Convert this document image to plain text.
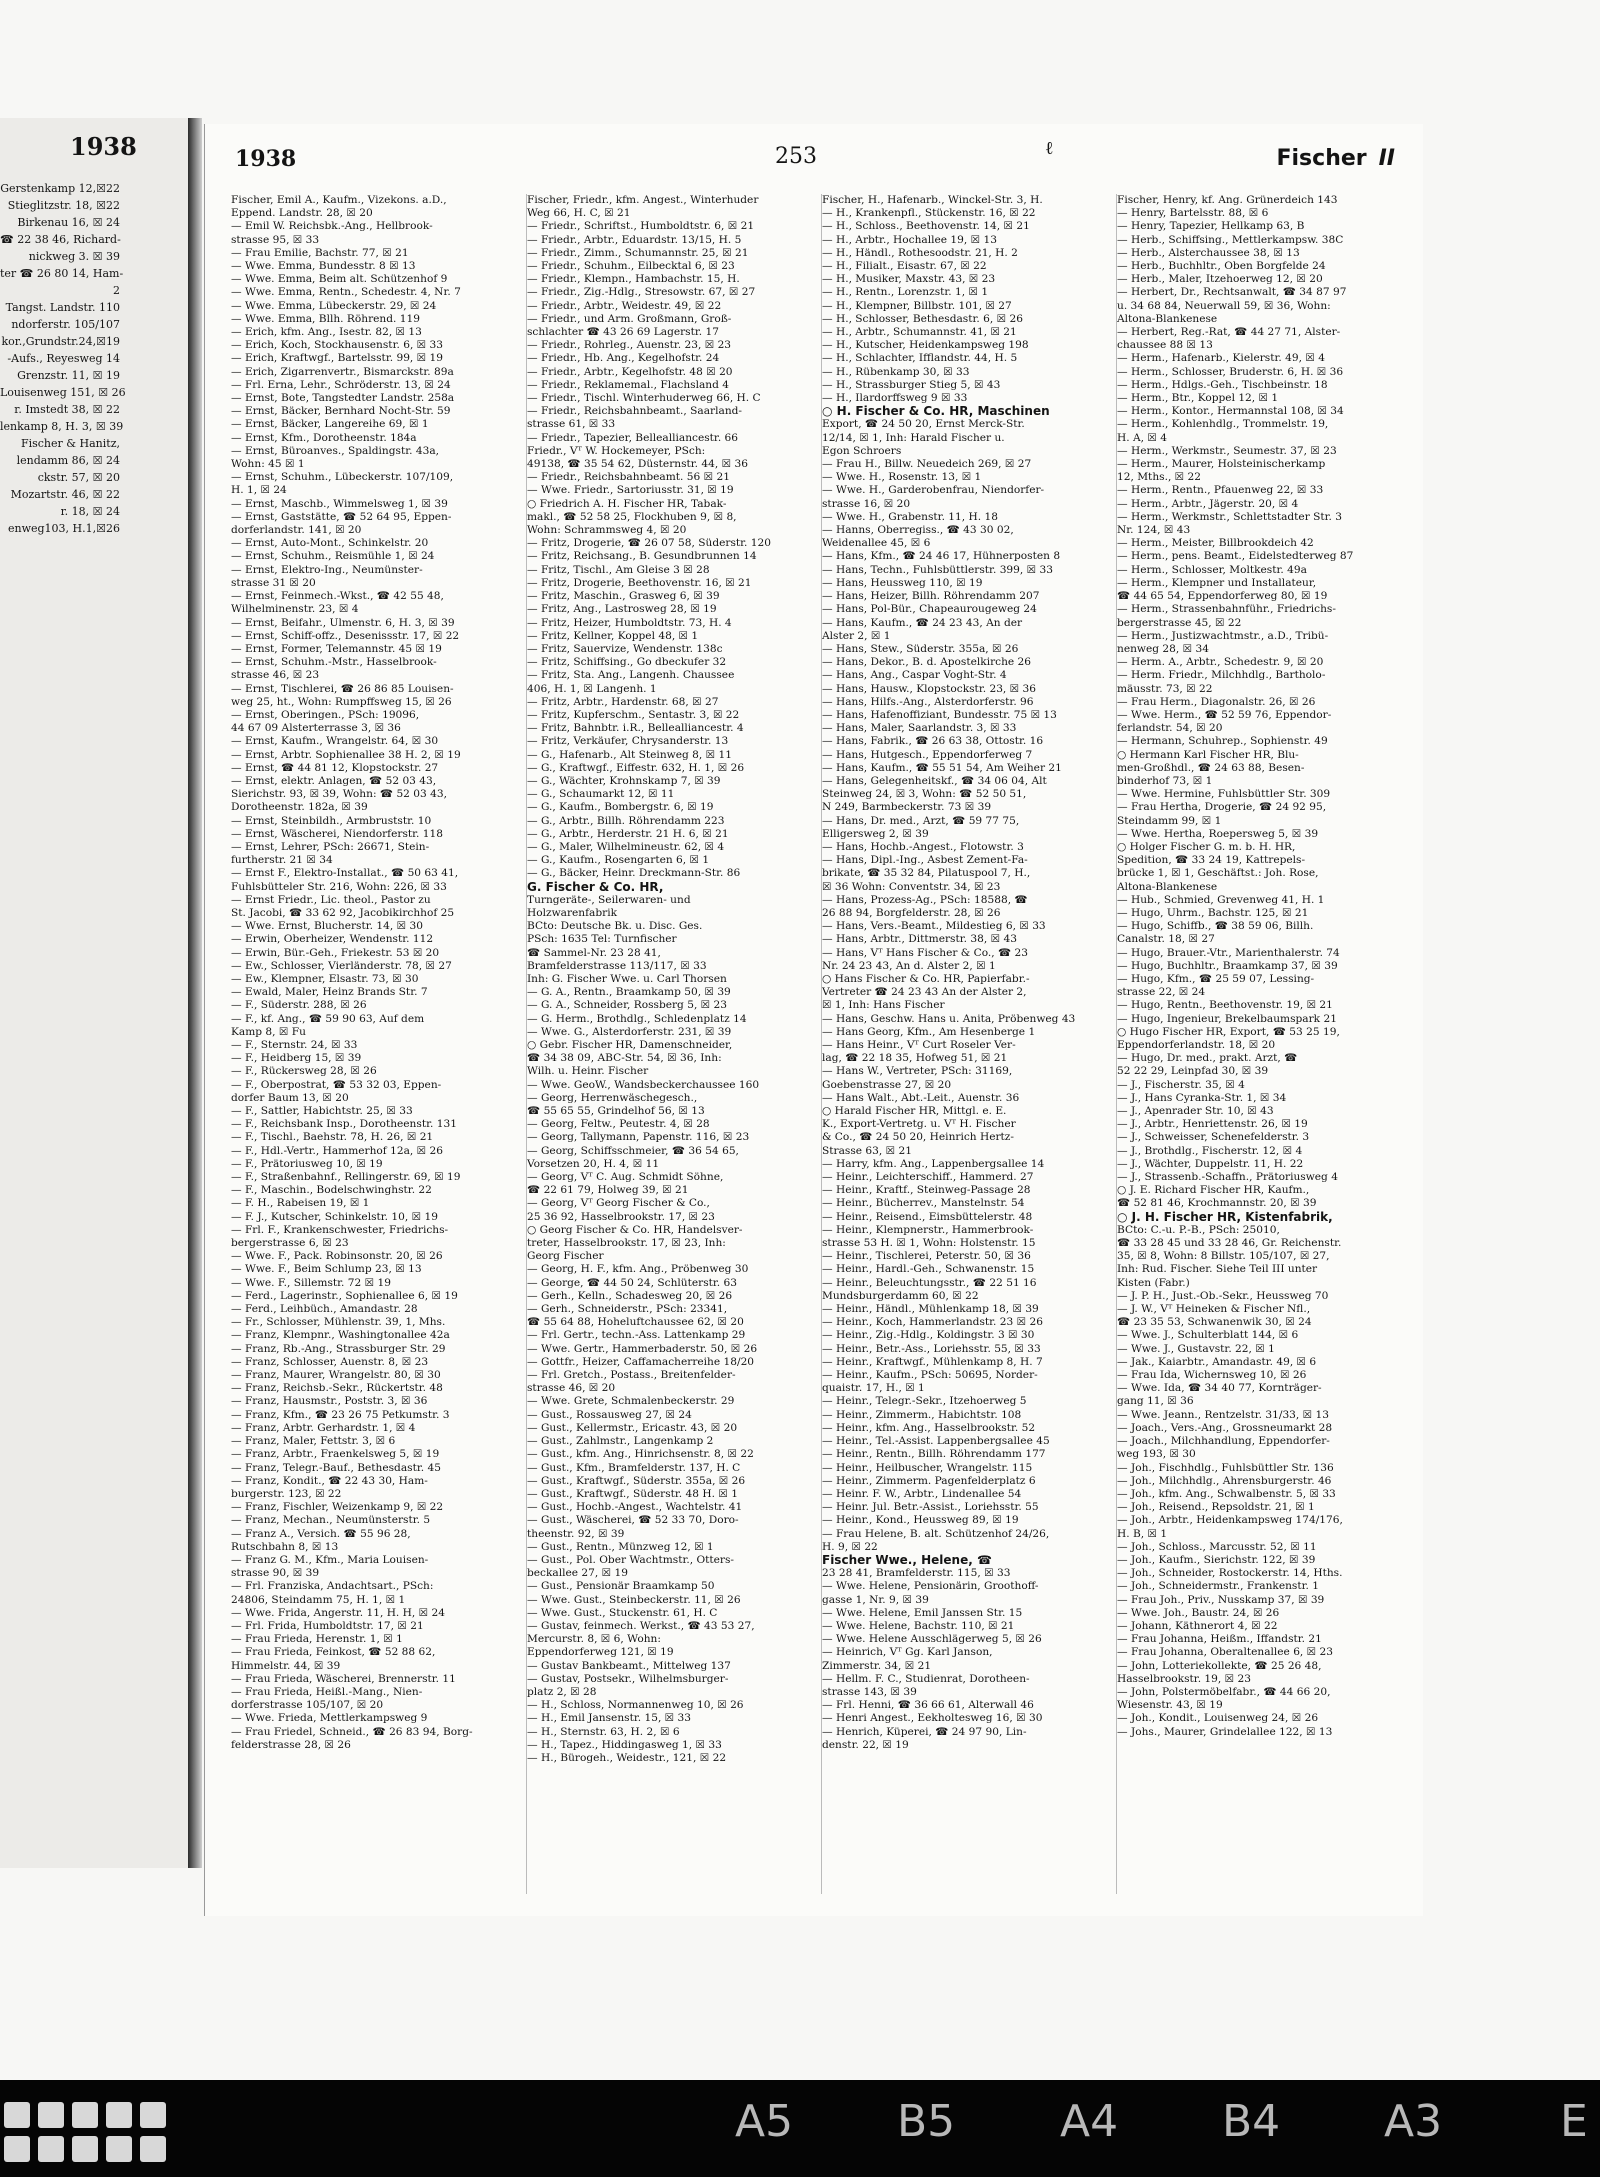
1938
Gerstenkamp 12,☒22
Stieglitzstr. 18, ☒22
Birkenau 16, ☒ 24
☎ 22 38 46, Richard-
nickweg 3. ☒ 39
ter ☎ 26 80 14, Ham-
2
Tangst. Landstr. 110
ndorferstr. 105/107
kor.,Grundstr.24,☒19
-Aufs., Reyesweg 14
Grenzstr. 11, ☒ 19
Louisenweg 151, ☒ 26
r. Imstedt 38, ☒ 22
lenkamp 8, H. 3, ☒ 39
Fischer & Hanitz,
lendamm 86, ☒ 24
ckstr. 57, ☒ 20
Mozartstr. 46, ☒ 22
r. 18, ☒ 24
enweg103, H.1,☒26
1938	253	ℓ	Fischer II

Fischer, Emil A., Kaufm., Vizekons. a.D.,

Eppend. Landstr. 28, ☒ 20

— Emil W. Reichsbk.-Ang., Hellbrook-

strasse 95, ☒ 33

— Frau Emilie, Bachstr. 77, ☒ 21

— Wwe. Emma, Bundesstr. 8 ☒ 13

— Wwe. Emma, Beim alt. Schützenhof 9

— Wwe. Emma, Rentn., Schedestr. 4, Nr. 7

— Wwe. Emma, Lübeckerstr. 29, ☒ 24

— Wwe. Emma, Bllh. Röhrend. 119

— Erich, kfm. Ang., Isestr. 82, ☒ 13

— Erich, Koch, Stockhausenstr. 6, ☒ 33

— Erich, Kraftwgf., Bartelsstr. 99, ☒ 19

— Erich, Zigarrenvertr., Bismarckstr. 89a

— Frl. Erna, Lehr., Schröderstr. 13, ☒ 24

— Ernst, Bote, Tangstedter Landstr. 258a

— Ernst, Bäcker, Bernhard Nocht-Str. 59

— Ernst, Bäcker, Langereihe 69, ☒ 1

— Ernst, Kfm., Dorotheenstr. 184a

— Ernst, Büroanves., Spaldingstr. 43a,

Wohn: 45 ☒ 1

— Ernst, Schuhm., Lübeckerstr. 107/109,

H. 1, ☒ 24

— Ernst, Maschb., Wimmelsweg 1, ☒ 39

— Ernst, Gaststätte, ☎ 52 64 95, Eppen-

dorferlandstr. 141, ☒ 20

— Ernst, Auto-Mont., Schinkelstr. 20

— Ernst, Schuhm., Reismühle 1, ☒ 24

— Ernst, Elektro-Ing., Neumünster-

strasse 31 ☒ 20

— Ernst, Feinmech.-Wkst., ☎ 42 55 48,

Wilhelminenstr. 23, ☒ 4

— Ernst, Beifahr., Ulmenstr. 6, H. 3, ☒ 39

— Ernst, Schiff-offz., Desenissstr. 17, ☒ 22

— Ernst, Former, Telemannstr. 45 ☒ 19

— Ernst, Schuhm.-Mstr., Hasselbrook-

strasse 46, ☒ 23

— Ernst, Tischlerei, ☎ 26 86 85 Louisen-

weg 25, ht., Wohn: Rumpffsweg 15, ☒ 26

— Ernst, Oberingen., PSch: 19096,

44 67 09 Alsterterrasse 3, ☒ 36

— Ernst, Kaufm., Wrangelstr. 64, ☒ 30

— Ernst, Arbtr. Sophienallee 38 H. 2, ☒ 19

— Ernst, ☎ 44 81 12, Klopstockstr. 27

— Ernst, elektr. Anlagen, ☎ 52 03 43,

Sierichstr. 93, ☒ 39, Wohn: ☎ 52 03 43,

Dorotheenstr. 182a, ☒ 39

— Ernst, Steinbildh., Armbruststr. 10

— Ernst, Wäscherei, Niendorferstr. 118

— Ernst, Lehrer, PSch: 26671, Stein-

furtherstr. 21 ☒ 34

— Ernst F., Elektro-Installat., ☎ 50 63 41,

Fuhlsbütteler Str. 216, Wohn: 226, ☒ 33

— Ernst Friedr., Lic. theol., Pastor zu

St. Jacobi, ☎ 33 62 92, Jacobikirchhof 25

— Wwe. Ernst, Blucherstr. 14, ☒ 30

— Erwin, Oberheizer, Wendenstr. 112

— Erwin, Bür.-Geh., Friekestr. 53 ☒ 20

— Ew., Schlosser, Vierländerstr. 78, ☒ 27

— Ew., Klempner, Elsastr. 73, ☒ 30

— Ewald, Maler, Heinz Brands Str. 7

— F., Süderstr. 288, ☒ 26

— F., kf. Ang., ☎ 59 90 63, Auf dem

Kamp 8, ☒ Fu

— F., Sternstr. 24, ☒ 33

— F., Heidberg 15, ☒ 39

— F., Rückersweg 28, ☒ 26

— F., Oberpostrat, ☎ 53 32 03, Eppen-

dorfer Baum 13, ☒ 20

— F., Sattler, Habichtstr. 25, ☒ 33

— F., Reichsbank Insp., Dorotheenstr. 131

— F., Tischl., Baehstr. 78, H. 26, ☒ 21

— F., Hdl.-Vertr., Hammerhof 12a, ☒ 26

— F., Prätoriusweg 10, ☒ 19

— F., Straßenbahnf., Rellingerstr. 69, ☒ 19

— F., Maschin., Bodelschwinghstr. 22

— F. H., Rabeisen 19, ☒ 1

— F. J., Kutscher, Schinkelstr. 10, ☒ 19

— Frl. F., Krankenschwester, Friedrichs-

bergerstrasse 6, ☒ 23

— Wwe. F., Pack. Robinsonstr. 20, ☒ 26

— Wwe. F., Beim Schlump 23, ☒ 13

— Wwe. F., Sillemstr. 72 ☒ 19

— Ferd., Lagerinstr., Sophienallee 6, ☒ 19

— Ferd., Leihbüch., Amandastr. 28

— Fr., Schlosser, Mühlenstr. 39, 1, Mhs.

— Franz, Klempnr., Washingtonallee 42a

— Franz, Rb.-Ang., Strassburger Str. 29

— Franz, Schlosser, Auenstr. 8, ☒ 23

— Franz, Maurer, Wrangelstr. 80, ☒ 30

— Franz, Reichsb.-Sekr., Rückertstr. 48

— Franz, Hausmstr., Poststr. 3, ☒ 36

— Franz, Kfm., ☎ 23 26 75 Petkumstr. 3

— Franz, Arbtr. Gerhardstr. 1, ☒ 4

— Franz, Maler, Fettstr. 3, ☒ 6

— Franz, Arbtr., Fraenkelsweg 5, ☒ 19

— Franz, Telegr.-Bauf., Bethesdastr. 45

— Franz, Kondit., ☎ 22 43 30, Ham-

burgerstr. 123, ☒ 22

— Franz, Fischler, Weizenkamp 9, ☒ 22

— Franz, Mechan., Neumünsterstr. 5

— Franz A., Versich. ☎ 55 96 28,

Rutschbahn 8, ☒ 13

— Franz G. M., Kfm., Maria Louisen-

strasse 90, ☒ 39

— Frl. Franziska, Andachtsart., PSch:

24806, Steindamm 75, H. 1, ☒ 1

— Wwe. Frida, Angerstr. 11, H. H, ☒ 24

— Frl. Frida, Humboldtstr. 17, ☒ 21

— Frau Frieda, Herenstr. 1, ☒ 1

— Frau Frieda, Feinkost, ☎ 52 88 62,

Himmelstr. 44, ☒ 39

— Frau Frieda, Wäscherei, Brennerstr. 11

— Frau Frieda, Heißl.-Mang., Nien-

dorferstrasse 105/107, ☒ 20

— Wwe. Frieda, Mettlerkampsweg 9

— Frau Friedel, Schneid., ☎ 26 83 94, Borg-

felderstrasse 28, ☒ 26

Fischer, Friedr., kfm. Angest., Winterhuder

Weg 66, H. C, ☒ 21

— Friedr., Schriftst., Humboldtstr. 6, ☒ 21

— Friedr., Arbtr., Eduardstr. 13/15, H. 5

— Friedr., Zimm., Schumannstr. 25, ☒ 21

— Friedr., Schuhm., Eilbecktal 6, ☒ 23

— Friedr., Klempn., Hambachstr. 15, H.

— Friedr., Zig.-Hdlg., Stresowstr. 67, ☒ 27

— Friedr., Arbtr., Weidestr. 49, ☒ 22

— Friedr., und Arm. Großmann, Groß-

schlachter ☎ 43 26 69 Lagerstr. 17

— Friedr., Rohrleg., Auenstr. 23, ☒ 23

— Friedr., Hb. Ang., Kegelhofstr. 24

— Friedr., Arbtr., Kegelhofstr. 48 ☒ 20

— Friedr., Reklamemal., Flachsland 4

— Friedr., Tischl. Winterhuderweg 66, H. C

— Friedr., Reichsbahnbeamt., Saarland-

strasse 61, ☒ 33

— Friedr., Tapezier, Bellealliancestr. 66

Friedr., Vᵀ W. Hockemeyer, PSch:

49138, ☎ 35 54 62, Düsternstr. 44, ☒ 36

— Friedr., Reichsbahnbeamt. 56 ☒ 21

— Wwe. Friedr., Sartoriusstr. 31, ☒ 19

○ Friedrich A. H. Fischer HR, Tabak-

makl., ☎ 52 58 25, Flockhuben 9, ☒ 8,

Wohn: Schrammsweg 4, ☒ 20

— Fritz, Drogerie, ☎ 26 07 58, Süderstr. 120

— Fritz, Reichsang., B. Gesundbrunnen 14

— Fritz, Tischl., Am Gleise 3 ☒ 28

— Fritz, Drogerie, Beethovenstr. 16, ☒ 21

— Fritz, Maschin., Grasweg 6, ☒ 39

— Fritz, Ang., Lastrosweg 28, ☒ 19

— Fritz, Heizer, Humboldtstr. 73, H. 4

— Fritz, Kellner, Koppel 48, ☒ 1

— Fritz, Sauervize, Wendenstr. 138c

— Fritz, Schiffsing., Go dbeckufer 32

— Fritz, Sta. Ang., Langenh. Chaussee

406, H. 1, ☒ Langenh. 1

— Fritz, Arbtr., Hardenstr. 68, ☒ 27

— Fritz, Kupferschm., Sentastr. 3, ☒ 22

— Fritz, Bahnbtr. i.R., Bellealliancestr. 4

— Fritz, Verkäufer, Chrysanderstr. 13

— G., Hafenarb., Alt Steinweg 8, ☒ 11

— G., Kraftwgf., Eiffestr. 632, H. 1, ☒ 26

— G., Wächter, Krohnskamp 7, ☒ 39

— G., Schaumarkt 12, ☒ 11

— G., Kaufm., Bombergstr. 6, ☒ 19

— G., Arbtr., Billh. Röhrendamm 223

— G., Arbtr., Herderstr. 21 H. 6, ☒ 21

— G., Maler, Wilhelmineustr. 62, ☒ 4

— G., Kaufm., Rosengarten 6, ☒ 1

— G., Bäcker, Heinr. Dreckmann-Str. 86

G. Fischer & Co. HR,

Turngeräte-, Seilerwaren- und

Holzwarenfabrik

BCto: Deutsche Bk. u. Disc. Ges.

PSch: 1635 Tel: Turnfischer

☎ Sammel-Nr. 23 28 41,

Bramfelderstrasse 113/117, ☒ 33

Inh: G. Fischer Wwe. u. Carl Thorsen

— G. A., Rentn., Braamkamp 50, ☒ 39

— G. A., Schneider, Rossberg 5, ☒ 23

— G. Herm., Brothdlg., Schledenplatz 14

— Wwe. G., Alsterdorferstr. 231, ☒ 39

○ Gebr. Fischer HR, Damenschneider,

☎ 34 38 09, ABC-Str. 54, ☒ 36, Inh:

Wilh. u. Heinr. Fischer

— Wwe. GeoW., Wandsbeckerchaussee 160

— Georg, Herrenwäschegesch.,

☎ 55 65 55, Grindelhof 56, ☒ 13

— Georg, Feltw., Peutestr. 4, ☒ 28

— Georg, Tallymann, Papenstr. 116, ☒ 23

— Georg, Schiffsschmeier, ☎ 36 54 65,

Vorsetzen 20, H. 4, ☒ 11

— Georg, Vᵀ C. Aug. Schmidt Söhne,

☎ 22 61 79, Holweg 39, ☒ 21

— Georg, Vᵀ Georg Fischer & Co.,

25 36 92, Hasselbrookstr. 17, ☒ 23

○ Georg Fischer & Co. HR, Handelsver-

treter, Hasselbrookstr. 17, ☒ 23, Inh:

Georg Fischer

— Georg, H. F., kfm. Ang., Pröbenweg 30

— George, ☎ 44 50 24, Schlüterstr. 63

— Gerh., Kelln., Schadesweg 20, ☒ 26

— Gerh., Schneiderstr., PSch: 23341,

☎ 55 64 88, Hoheluftchaussee 62, ☒ 20

— Frl. Gertr., techn.-Ass. Lattenkamp 29

— Wwe. Gertr., Hammerbaderstr. 50, ☒ 26

— Gottfr., Heizer, Caffamacherreihe 18/20

— Frl. Gretch., Postass., Breitenfelder-

strasse 46, ☒ 20

— Wwe. Grete, Schmalenbeckerstr. 29

— Gust., Rossausweg 27, ☒ 24

— Gust., Kellermstr., Ericastr. 43, ☒ 20

— Gust., Zahlmstr., Langenkamp 2

— Gust., kfm. Ang., Hinrichsenstr. 8, ☒ 22

— Gust., Kfm., Bramfelderstr. 137, H. C

— Gust., Kraftwgf., Süderstr. 355a, ☒ 26

— Gust., Kraftwgf., Süderstr. 48 H. ☒ 1

— Gust., Hochb.-Angest., Wachtelstr. 41

— Gust., Wäscherei, ☎ 52 33 70, Doro-

theenstr. 92, ☒ 39

— Gust., Rentn., Münzweg 12, ☒ 1

— Gust., Pol. Ober Wachtmstr., Otters-

beckallee 27, ☒ 19

— Gust., Pensionär Braamkamp 50

— Wwe. Gust., Steinbeckerstr. 11, ☒ 26

— Wwe. Gust., Stuckenstr. 61, H. C

— Gustav, feinmech. Werkst., ☎ 43 53 27,

Mercurstr. 8, ☒ 6, Wohn:

Eppendorferweg 121, ☒ 19

— Gustav Bankbeamt., Mittelweg 137

— Gustav, Postsekr., Wilhelmsburger-

platz 2, ☒ 28

— H., Schloss, Normannenweg 10, ☒ 26

— H., Emil Jansenstr. 15, ☒ 33

— H., Sternstr. 63, H. 2, ☒ 6

— H., Tapez., Hiddingasweg 1, ☒ 33

— H., Bürogeh., Weidestr., 121, ☒ 22

Fischer, H., Hafenarb., Winckel-Str. 3, H.

— H., Krankenpfl., Stückenstr. 16, ☒ 22

— H., Schloss., Beethovenstr. 14, ☒ 21

— H., Arbtr., Hochallee 19, ☒ 13

— H., Händl., Rothesoodstr. 21, H. 2

— H., Filialt., Eisastr. 67, ☒ 22

— H., Musiker, Maxstr. 43, ☒ 23

— H., Rentn., Lorenzstr. 1, ☒ 1

— H., Klempner, Billbstr. 101, ☒ 27

— H., Schlosser, Bethesdastr. 6, ☒ 26

— H., Arbtr., Schumannstr. 41, ☒ 21

— H., Kutscher, Heidenkampsweg 198

— H., Schlachter, Ifflandstr. 44, H. 5

— H., Rübenkamp 30, ☒ 33

— H., Strassburger Stieg 5, ☒ 43

— H., Ilardorffsweg 9 ☒ 33

○ H. Fischer & Co. HR, Maschinen

Export, ☎ 24 50 20, Ernst Merck-Str.

12/14, ☒ 1, Inh: Harald Fischer u.

Egon Schroers

— Frau H., Billw. Neuedeich 269, ☒ 27

— Wwe. H., Rosenstr. 13, ☒ 1

— Wwe. H., Garderobenfrau, Niendorfer-

strasse 16, ☒ 20

— Wwe. H., Grabenstr. 11, H. 18

— Hanns, Oberregiss., ☎ 43 30 02,

Weidenallee 45, ☒ 6

— Hans, Kfm., ☎ 24 46 17, Hühnerposten 8

— Hans, Techn., Fuhlsbüttlerstr. 399, ☒ 33

— Hans, Heussweg 110, ☒ 19

— Hans, Heizer, Billh. Röhrendamm 207

— Hans, Pol-Bür., Chapeaurougeweg 24

— Hans, Kaufm., ☎ 24 23 43, An der

Alster 2, ☒ 1

— Hans, Stew., Süderstr. 355a, ☒ 26

— Hans, Dekor., B. d. Apostelkirche 26

— Hans, Ang., Caspar Voght-Str. 4

— Hans, Hausw., Klopstockstr. 23, ☒ 36

— Hans, Hilfs.-Ang., Alsterdorferstr. 96

— Hans, Hafenoffiziant, Bundesstr. 75 ☒ 13

— Hans, Maler, Saarlandstr. 3, ☒ 33

— Hans, Fabrik., ☎ 26 63 38, Ottostr. 16

— Hans, Hutgesch., Eppendorferweg 7

— Hans, Kaufm., ☎ 55 51 54, Am Weiher 21

— Hans, Gelegenheitskf., ☎ 34 06 04, Alt

Steinweg 24, ☒ 3, Wohn: ☎ 52 50 51,

N 249, Barmbeckerstr. 73 ☒ 39

— Hans, Dr. med., Arzt, ☎ 59 77 75,

Elligersweg 2, ☒ 39

— Hans, Hochb.-Angest., Flotowstr. 3

— Hans, Dipl.-Ing., Asbest Zement-Fa-

brikate, ☎ 35 32 84, Pilatuspool 7, H.,

☒ 36 Wohn: Conventstr. 34, ☒ 23

— Hans, Prozess-Ag., PSch: 18588, ☎

26 88 94, Borgfelderstr. 28, ☒ 26

— Hans, Vers.-Beamt., Mildestieg 6, ☒ 33

— Hans, Arbtr., Dittmerstr. 38, ☒ 43

— Hans, Vᵀ Hans Fischer & Co., ☎ 23

Nr. 24 23 43, An d. Alster 2, ☒ 1

○ Hans Fischer & Co. HR, Papierfabr.-

Vertreter ☎ 24 23 43 An der Alster 2,

☒ 1, Inh: Hans Fischer

— Hans, Geschw. Hans u. Anita, Pröbenweg 43

— Hans Georg, Kfm., Am Hesenberge 1

— Hans Heinr., Vᵀ Curt Roseler Ver-

lag, ☎ 22 18 35, Hofweg 51, ☒ 21

— Hans W., Vertreter, PSch: 31169,

Goebenstrasse 27, ☒ 20

— Hans Walt., Abt.-Leit., Auenstr. 36

○ Harald Fischer HR, Mittgl. e. E.

K., Export-Vertretg. u. Vᵀ H. Fischer

& Co., ☎ 24 50 20, Heinrich Hertz-

Strasse 63, ☒ 21

— Harry, kfm. Ang., Lappenbergsallee 14

— Heinr., Leichterschiff., Hammerd. 27

— Heinr., Kraftf., Steinweg-Passage 28

— Heinr., Bücherrev., Manstelnstr. 54

— Heinr., Reisend., Eimsbüttelerstr. 48

— Heinr., Klempnerstr., Hammerbrook-

strasse 53 H. ☒ 1, Wohn: Holstenstr. 15

— Heinr., Tischlerei, Peterstr. 50, ☒ 36

— Heinr., Hardl.-Geh., Schwanenstr. 15

— Heinr., Beleuchtungsstr., ☎ 22 51 16

Mundsburgerdamm 60, ☒ 22

— Heinr., Händl., Mühlenkamp 18, ☒ 39

— Heinr., Koch, Hammerlandstr. 23 ☒ 26

— Heinr., Zig.-Hdlg., Koldingstr. 3 ☒ 30

— Heinr., Betr.-Ass., Loriehsstr. 55, ☒ 33

— Heinr., Kraftwgf., Mühlenkamp 8, H. 7

— Heinr., Kaufm., PSch: 50695, Norder-

quaistr. 17, H., ☒ 1

— Heinr., Telegr.-Sekr., Itzehoerweg 5

— Heinr., Zimmerm., Habichtstr. 108

— Heinr., kfm. Ang., Hasselbrookstr. 52

— Heinr., Tel.-Assist. Lappenbergsallee 45

— Heinr., Rentn., Billh. Röhrendamm 177

— Heinr., Heilbuscher, Wrangelstr. 115

— Heinr., Zimmerm. Pagenfelderplatz 6

— Heinr. F. W., Arbtr., Lindenallee 54

— Heinr. Jul. Betr.-Assist., Loriehsstr. 55

— Heinr., Kond., Heussweg 89, ☒ 19

— Frau Helene, B. alt. Schützenhof 24/26,

H. 9, ☒ 22

Fischer Wwe., Helene, ☎

23 28 41, Bramfelderstr. 115, ☒ 33

— Wwe. Helene, Pensionärin, Groothoff-

gasse 1, Nr. 9, ☒ 39

— Wwe. Helene, Emil Janssen Str. 15

— Wwe. Helene, Bachstr. 110, ☒ 21

— Wwe. Helene Ausschlägerweg 5, ☒ 26

— Heinrich, Vᵀ Gg. Karl Janson,

Zimmerstr. 34, ☒ 21

— Hellm. F. C., Studienrat, Dorotheen-

strasse 143, ☒ 39

— Frl. Henni, ☎ 36 66 61, Alterwall 46

— Henri Angest., Eekholtesweg 16, ☒ 30

— Henrich, Küperei, ☎ 24 97 90, Lin-

denstr. 22, ☒ 19

Fischer, Henry, kf. Ang. Grünerdeich 143

— Henry, Bartelsstr. 88, ☒ 6

— Henry, Tapezier, Hellkamp 63, B

— Herb., Schiffsing., Mettlerkampsw. 38C

— Herb., Alsterchaussee 38, ☒ 13

— Herb., Buchhltr., Oben Borgfelde 24

— Herb., Maler, Itzehoerweg 12, ☒ 20

— Herbert, Dr., Rechtsanwalt, ☎ 34 87 97

u. 34 68 84, Neuerwall 59, ☒ 36, Wohn:

Altona-Blankenese

— Herbert, Reg.-Rat, ☎ 44 27 71, Alster-

chaussee 88 ☒ 13

— Herm., Hafenarb., Kielerstr. 49, ☒ 4

— Herm., Schlosser, Bruderstr. 6, H. ☒ 36

— Herm., Hdlgs.-Geh., Tischbeinstr. 18

— Herm., Btr., Koppel 12, ☒ 1

— Herm., Kontor., Hermannstal 108, ☒ 34

— Herm., Kohlenhdlg., Trommelstr. 19,

H. A, ☒ 4

— Herm., Werkmstr., Seumestr. 37, ☒ 23

— Herm., Maurer, Holsteinischerkamp

12, Mths., ☒ 22

— Herm., Rentn., Pfauenweg 22, ☒ 33

— Herm., Arbtr., Jägerstr. 20, ☒ 4

— Herm., Werkmstr., Schlettstadter Str. 3

Nr. 124, ☒ 43

— Herm., Meister, Billbrookdeich 42

— Herm., pens. Beamt., Eidelstedterweg 87

— Herm., Schlosser, Moltkestr. 49a

— Herm., Klempner und Installateur,

☎ 44 65 54, Eppendorferweg 80, ☒ 19

— Herm., Strassenbahnführ., Friedrichs-

bergerstrasse 45, ☒ 22

— Herm., Justizwachtmstr., a.D., Tribü-

nenweg 28, ☒ 34

— Herm. A., Arbtr., Schedestr. 9, ☒ 20

— Herm. Friedr., Milchhdlg., Bartholo-

mäusstr. 73, ☒ 22

— Frau Herm., Diagonalstr. 26, ☒ 26

— Wwe. Herm., ☎ 52 59 76, Eppendor-

ferlandstr. 54, ☒ 20

— Hermann, Schuhrep., Sophienstr. 49

○ Hermann Karl Fischer HR, Blu-

men-Großhdl., ☎ 24 63 88, Besen-

binderhof 73, ☒ 1

— Wwe. Hermine, Fuhlsbüttler Str. 309

— Frau Hertha, Drogerie, ☎ 24 92 95,

Steindamm 99, ☒ 1

— Wwe. Hertha, Roepersweg 5, ☒ 39

○ Holger Fischer G. m. b. H. HR,

Spedition, ☎ 33 24 19, Kattrepels-

brücke 1, ☒ 1, Geschäftst.: Joh. Rose,

Altona-Blankenese

— Hub., Schmied, Grevenweg 41, H. 1

— Hugo, Uhrm., Bachstr. 125, ☒ 21

— Hugo, Schiffb., ☎ 38 59 06, Billh.

Canalstr. 18, ☒ 27

— Hugo, Brauer.-Vtr., Marienthalerstr. 74

— Hugo, Buchhltr., Braamkamp 37, ☒ 39

— Hugo, Kfm., ☎ 25 59 07, Lessing-

strasse 22, ☒ 24

— Hugo, Rentn., Beethovenstr. 19, ☒ 21

— Hugo, Ingenieur, Brekelbaumspark 21

○ Hugo Fischer HR, Export, ☎ 53 25 19,

Eppendorferlandstr. 18, ☒ 20

— Hugo, Dr. med., prakt. Arzt, ☎

52 22 29, Leinpfad 30, ☒ 39

— J., Fischerstr. 35, ☒ 4

— J., Hans Cyranka-Str. 1, ☒ 34

— J., Apenrader Str. 10, ☒ 43

— J., Arbtr., Henriettenstr. 26, ☒ 19

— J., Schweisser, Schenefelderstr. 3

— J., Brothdlg., Fischerstr. 12, ☒ 4

— J., Wächter, Duppelstr. 11, H. 22

— J., Strassenb.-Schaffn., Prätoriusweg 4

○ J. E. Richard Fischer HR, Kaufm.,

☎ 52 81 46, Krochmannstr. 20, ☒ 39

○ J. H. Fischer HR, Kistenfabrik,

BCto: C.-u. P.-B., PSch: 25010,

☎ 33 28 45 und 33 28 46, Gr. Reichenstr.

35, ☒ 8, Wohn: 8 Billstr. 105/107, ☒ 27,

Inh: Rud. Fischer. Siehe Teil III unter

Kisten (Fabr.)

— J. P. H., Just.-Ob.-Sekr., Heussweg 70

— J. W., Vᵀ Heineken & Fischer Nfl.,

☎ 23 35 53, Schwanenwik 30, ☒ 24

— Wwe. J., Schulterblatt 144, ☒ 6

— Wwe. J., Gustavstr. 22, ☒ 1

— Jak., Kaiarbtr., Amandastr. 49, ☒ 6

— Frau Ida, Wichernsweg 10, ☒ 26

— Wwe. Ida, ☎ 34 40 77, Kornträger-

gang 11, ☒ 36

— Wwe. Jeann., Rentzelstr. 31/33, ☒ 13

— Joach., Vers.-Ang., Grossneumarkt 28

— Joach., Milchhandlung, Eppendorfer-

weg 193, ☒ 30

— Joh., Fischhdlg., Fuhlsbüttler Str. 136

— Joh., Milchhdlg., Ahrensburgerstr. 46

— Joh., kfm. Ang., Schwalbenstr. 5, ☒ 33

— Joh., Reisend., Repsoldstr. 21, ☒ 1

— Joh., Arbtr., Heidenkampsweg 174/176,

H. B, ☒ 1

— Joh., Schloss., Marcusstr. 52, ☒ 11

— Joh., Kaufm., Sierichstr. 122, ☒ 39

— Joh., Schneider, Rostockerstr. 14, Hths.

— Joh., Schneidermstr., Frankenstr. 1

— Frau Joh., Priv., Nusskamp 37, ☒ 39

— Wwe. Joh., Baustr. 24, ☒ 26

— Johann, Käthnerort 4, ☒ 22

— Frau Johanna, Heißm., Iffandstr. 21

— Frau Johanna, Oberaltenallee 6, ☒ 23

— John, Lotteriekollekte, ☎ 25 26 48,

Hasselbrookstr. 19, ☒ 23

— John, Polstermöbelfabr., ☎ 44 66 20,

Wiesenstr. 43, ☒ 19

— Joh., Kondit., Louisenweg 24, ☒ 26

— Johs., Maurer, Grindelallee 122, ☒ 13

A5 B5 A4 B4 A3	E
